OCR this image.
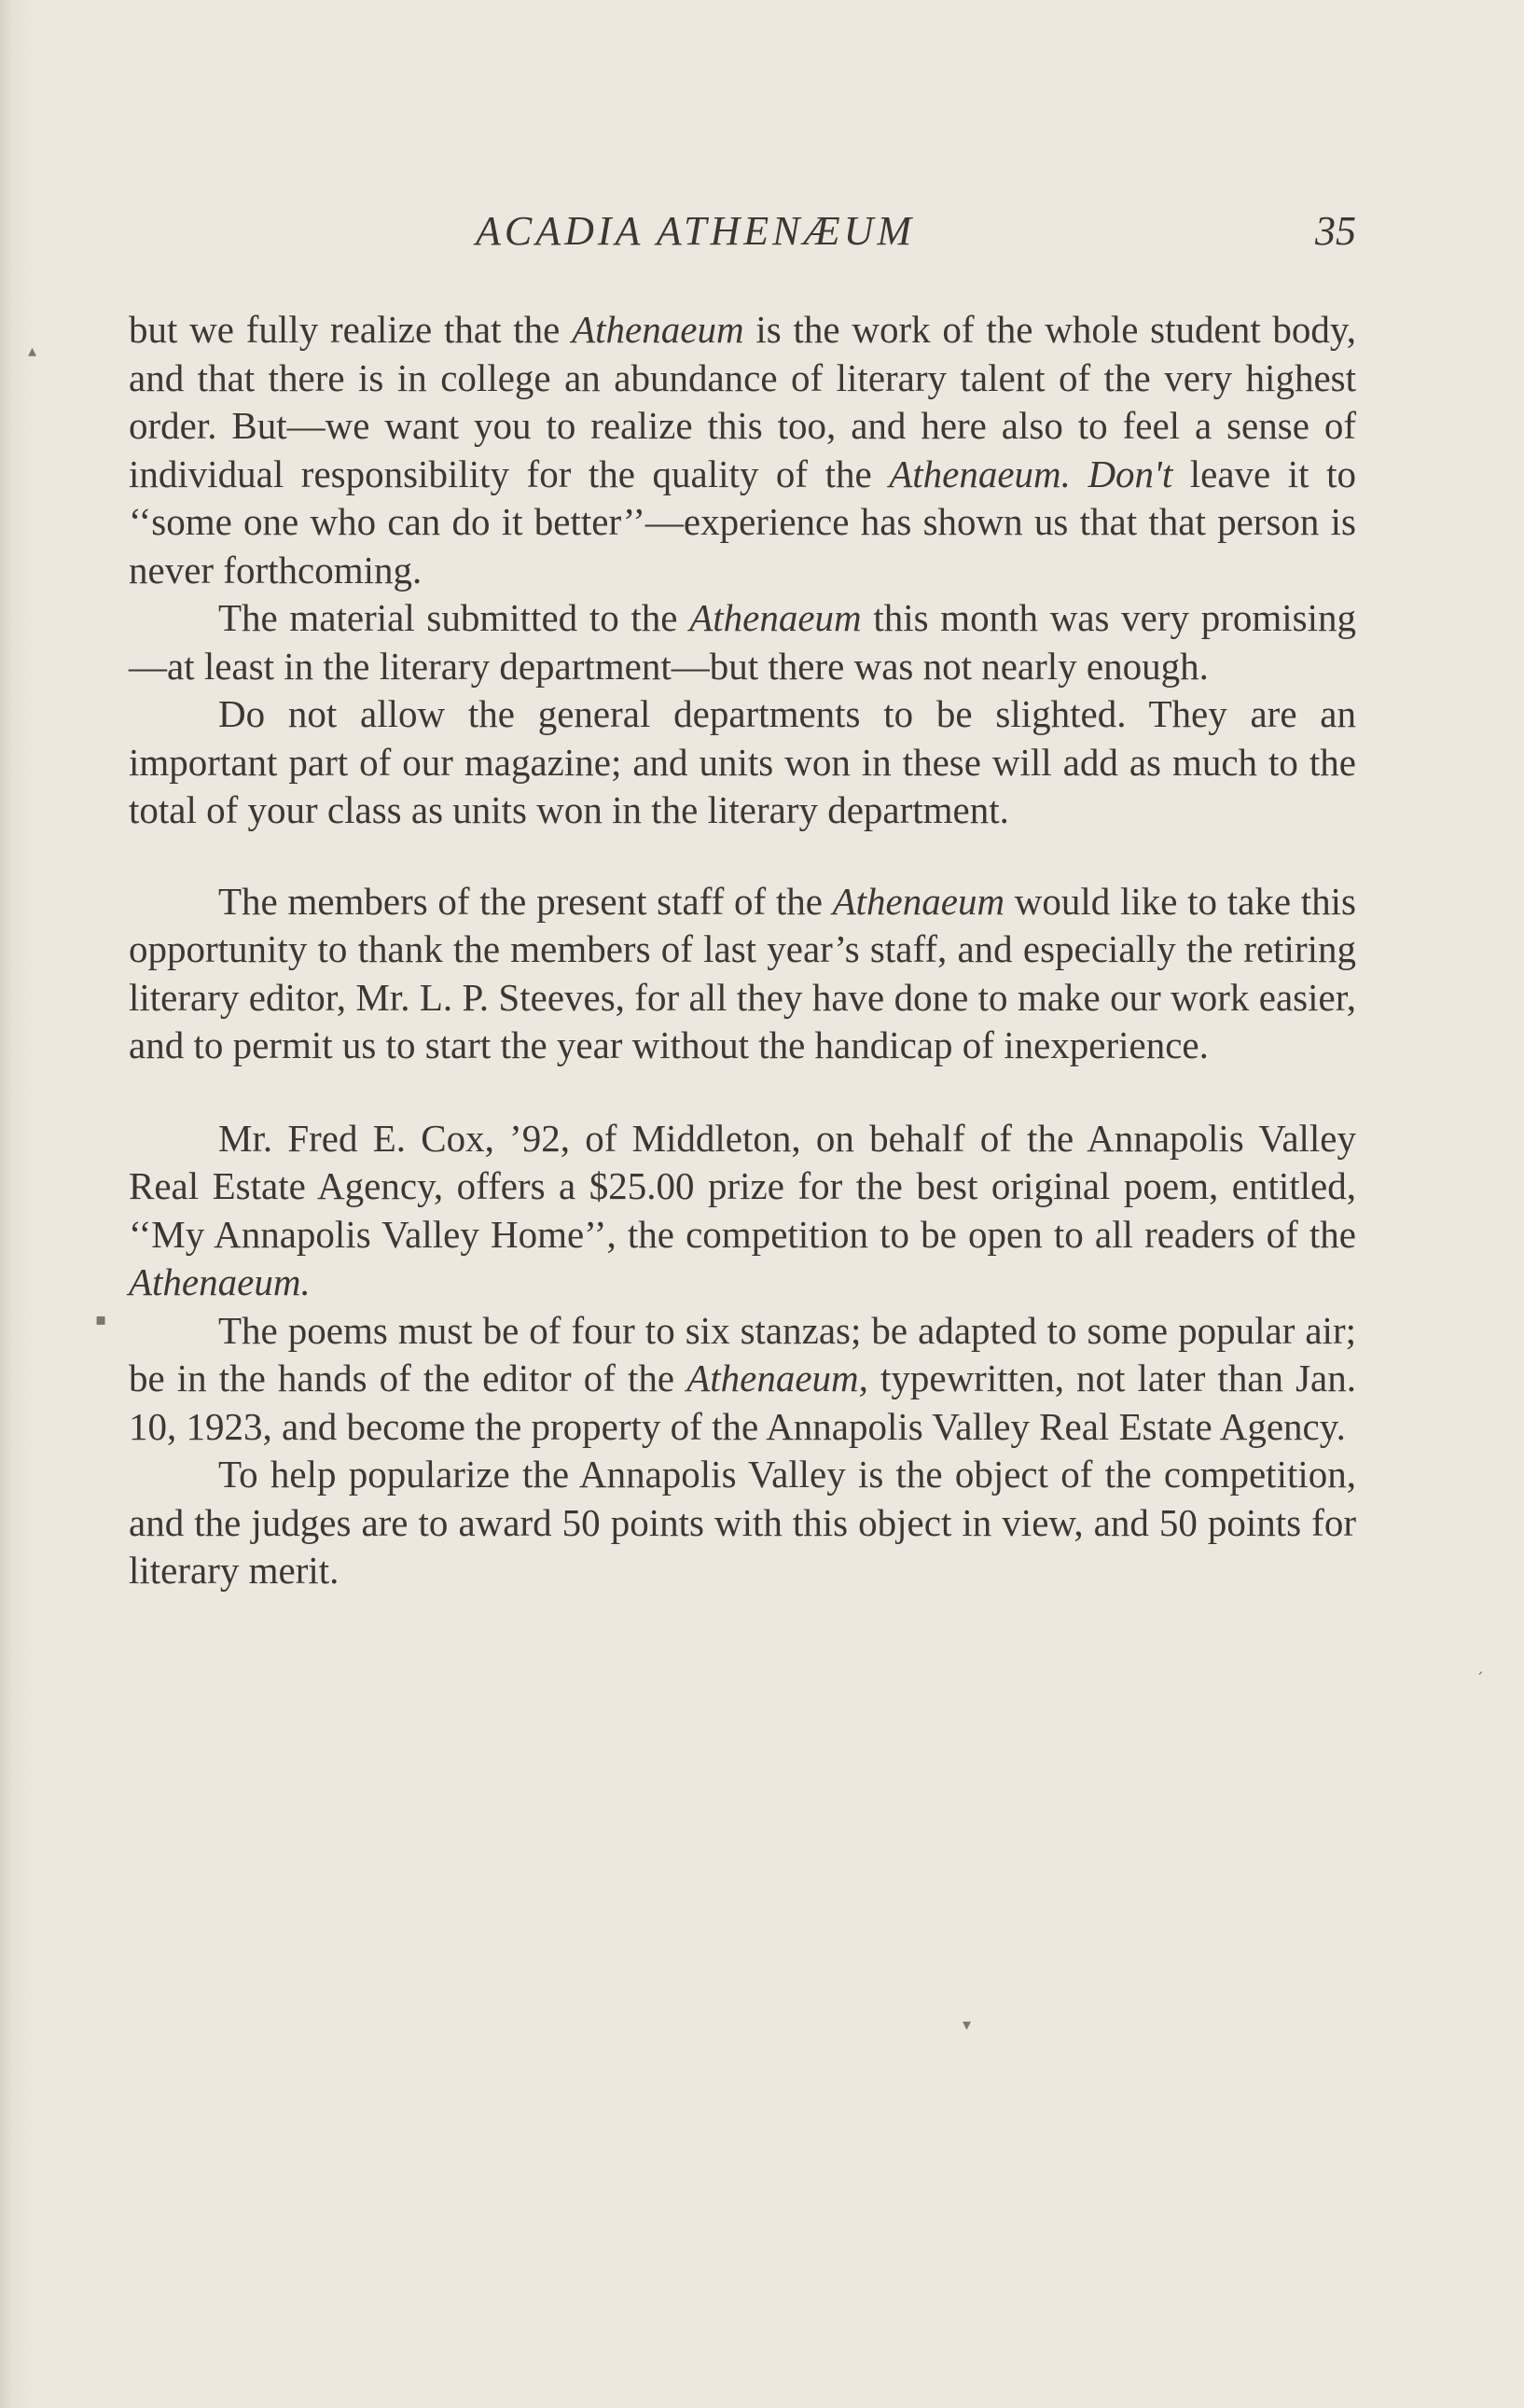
ACADIA ATHENÆUM	35

but we fully realize that the Athenaeum is the work of the whole student body, and that there is in college an abundance of literary talent of the very highest order. But—we want you to realize this too, and here also to feel a sense of individual responsibility for the quality of the Athenaeum. Don't leave it to ‘‘some one who can do it better’’—experience has shown us that that person is never forthcoming.

The material submitted to the Athenaeum this month was very promising—at least in the literary department—but there was not nearly enough.

Do not allow the general departments to be slighted. They are an important part of our magazine; and units won in these will add as much to the total of your class as units won in the literary department.

The members of the present staff of the Athenaeum would like to take this opportunity to thank the members of last year’s staff, and especially the retiring literary editor, Mr. L. P. Steeves, for all they have done to make our work easier, and to permit us to start the year without the handicap of inexperience.

Mr. Fred E. Cox, ’92, of Middleton, on behalf of the Annapolis Valley Real Estate Agency, offers a $25.00 prize for the best original poem, entitled, ‘‘My Annapolis Valley Home’’, the competition to be open to all readers of the Athenaeum.

The poems must be of four to six stanzas; be adapted to some popular air; be in the hands of the editor of the Athenaeum, typewritten, not later than Jan. 10, 1923, and become the property of the Annapolis Valley Real Estate Agency.

To help popularize the Annapolis Valley is the object of the competition, and the judges are to award 50 points with this object in view, and 50 points for literary merit.

▴
▪
ˊ
▾
